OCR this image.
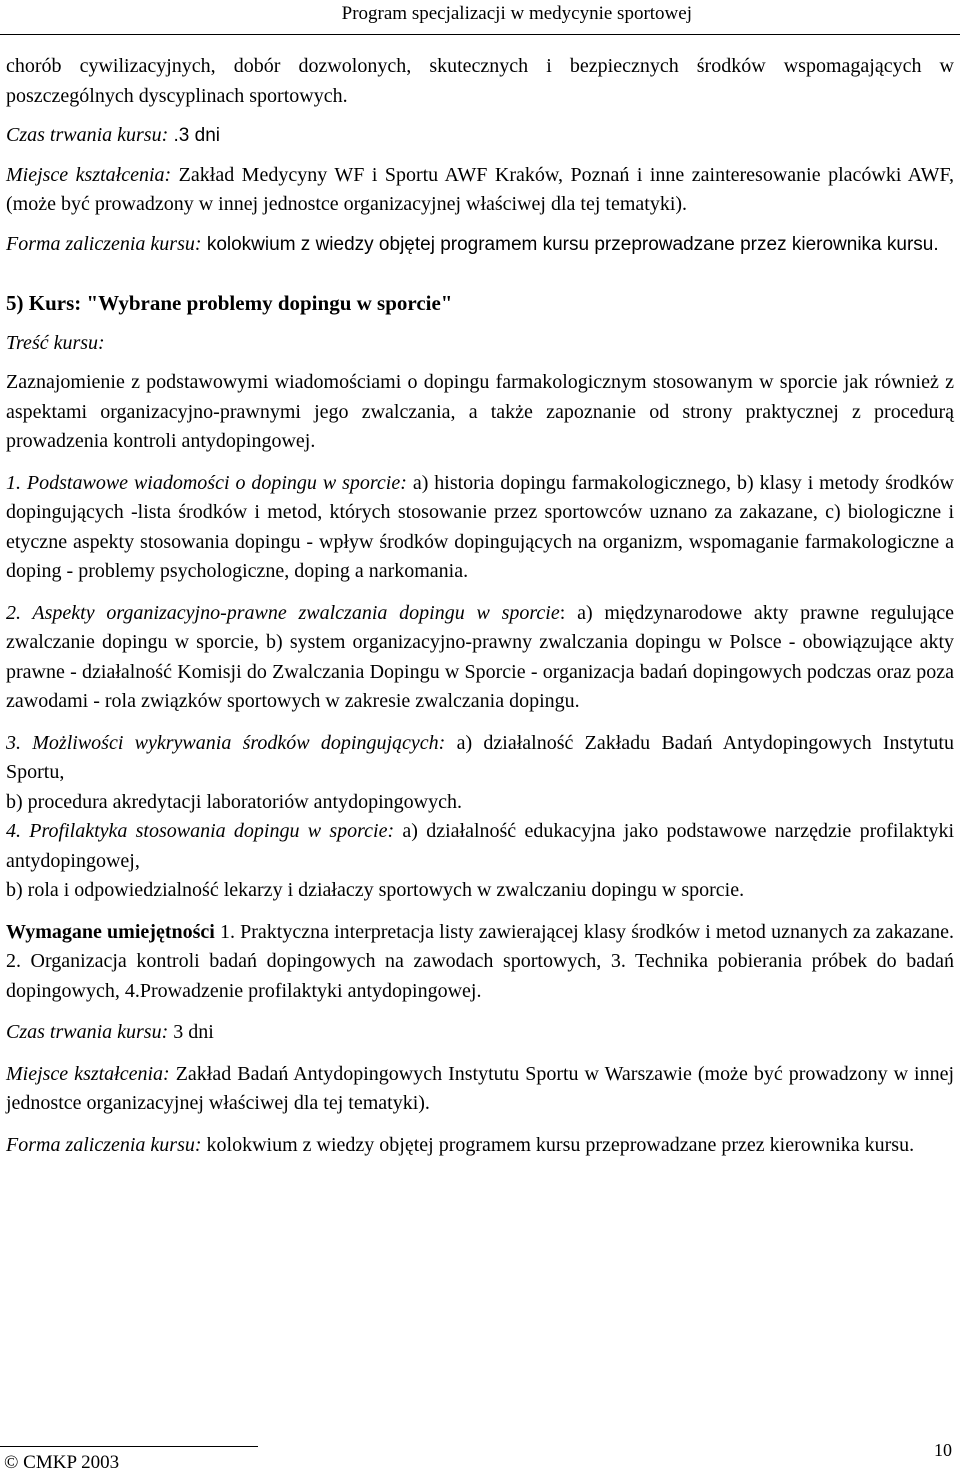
Program specjalizacji w medycynie sportowej

chorób cywilizacyjnych, dobór dozwolonych, skutecznych i bezpiecznych środków wspomagających w poszczególnych dyscyplinach sportowych.

Czas trwania kursu: .3 dni

Miejsce kształcenia: Zakład Medycyny WF i Sportu AWF Kraków, Poznań i inne zainteresowanie placówki AWF, (może być prowadzony w innej jednostce organizacyjnej właściwej dla tej tematyki).

Forma zaliczenia kursu: kolokwium z wiedzy objętej programem kursu przeprowadzane przez kierownika kursu.

5) Kurs: "Wybrane problemy dopingu w sporcie"

Treść kursu:

Zaznajomienie z podstawowymi wiadomościami o dopingu farmakologicznym stosowanym w sporcie jak również z aspektami organizacyjno-prawnymi jego zwalczania, a także zapoznanie od strony praktycznej z procedurą prowadzenia kontroli antydopingowej.

1. Podstawowe wiadomości o dopingu w sporcie: a) historia dopingu farmakologicznego, b) klasy i metody środków dopingujących -lista środków i metod, których stosowanie przez sportowców uznano za zakazane, c) biologiczne i etyczne aspekty stosowania dopingu - wpływ środków dopingujących na organizm, wspomaganie farmakologiczne a doping - problemy psychologiczne, doping a narkomania.

2. Aspekty organizacyjno-prawne zwalczania dopingu w sporcie: a) międzynarodowe akty prawne regulujące zwalczanie dopingu w sporcie, b) system organizacyjno-prawny zwalczania dopingu w Polsce - obowiązujące akty prawne - działalność Komisji do Zwalczania Dopingu w Sporcie - organizacja badań dopingowych podczas oraz poza zawodami - rola związków sportowych w zakresie zwalczania dopingu.

3. Możliwości wykrywania środków dopingujących: a) działalność Zakładu Badań Antydopingowych Instytutu Sportu,

b) procedura akredytacji laboratoriów antydopingowych.

4. Profilaktyka stosowania dopingu w sporcie: a) działalność edukacyjna jako podstawowe narzędzie profilaktyki antydopingowej,

b) rola i odpowiedzialność lekarzy i działaczy sportowych w zwalczaniu dopingu w sporcie.

Wymagane umiejętności 1. Praktyczna interpretacja listy zawierającej klasy środków i metod uznanych za zakazane. 2. Organizacja kontroli badań dopingowych na zawodach sportowych, 3. Technika pobierania próbek do badań dopingowych, 4.Prowadzenie profilaktyki antydopingowej.

Czas trwania kursu: 3 dni

Miejsce kształcenia: Zakład Badań Antydopingowych Instytutu Sportu w Warszawie (może być prowadzony w innej jednostce organizacyjnej właściwej dla tej tematyki).

Forma zaliczenia kursu: kolokwium z wiedzy objętej programem kursu przeprowadzane przez kierownika kursu.

© CMKP 2003
10
